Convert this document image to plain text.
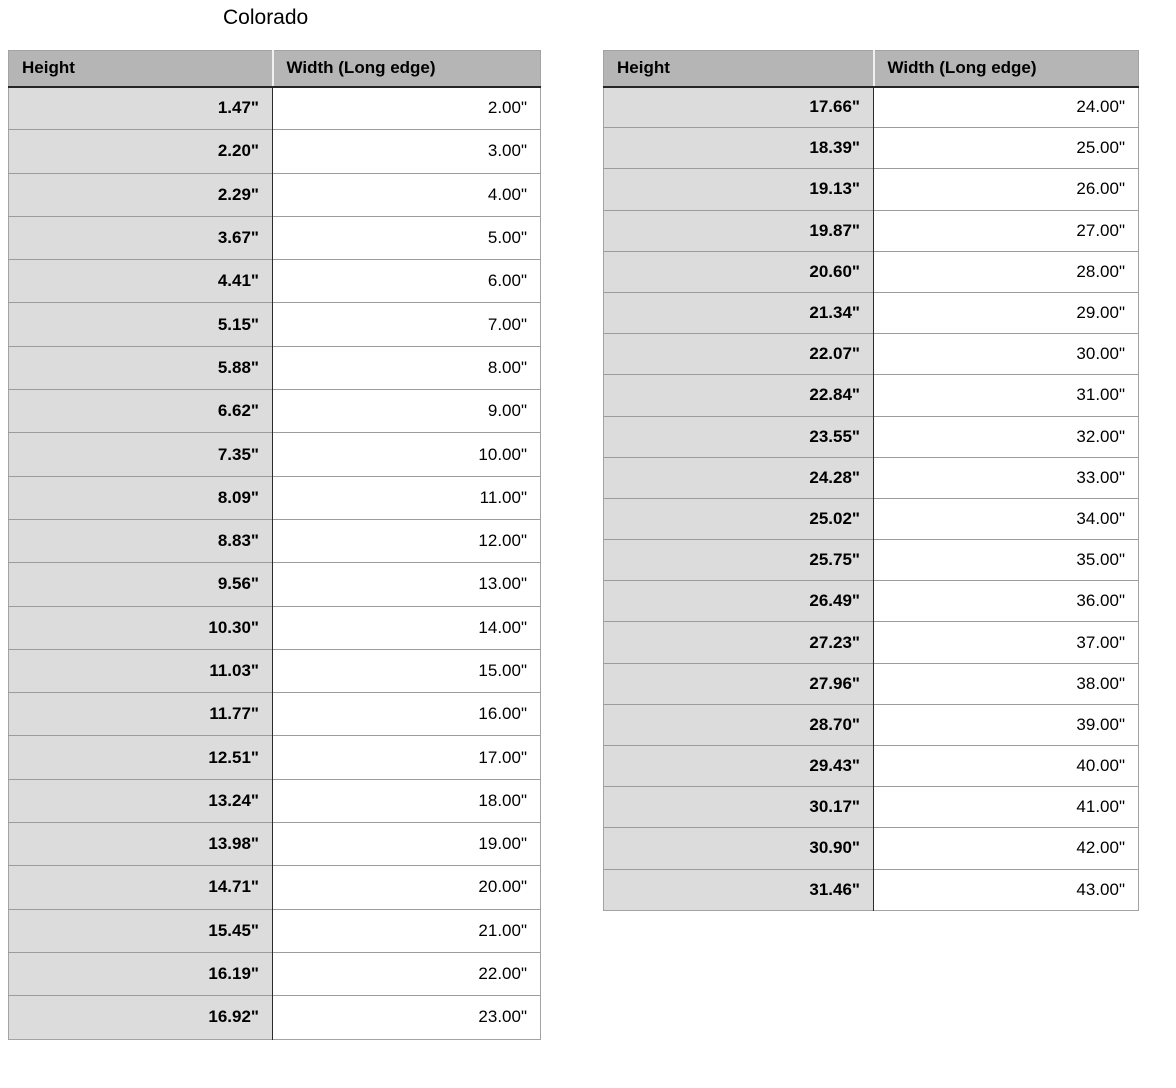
Colorado
Height	Width (Long edge)
1.47"	2.00"
2.20"	3.00"
2.29"	4.00"
3.67"	5.00"
4.41"	6.00"
5.15"	7.00"
5.88"	8.00"
6.62"	9.00"
7.35"	10.00"
8.09"	11.00"
8.83"	12.00"
9.56"	13.00"
10.30"	14.00"
11.03"	15.00"
11.77"	16.00"
12.51"	17.00"
13.24"	18.00"
13.98"	19.00"
14.71"	20.00"
15.45"	21.00"
16.19"	22.00"
16.92"	23.00"
Height	Width (Long edge)
17.66"	24.00"
18.39"	25.00"
19.13"	26.00"
19.87"	27.00"
20.60"	28.00"
21.34"	29.00"
22.07"	30.00"
22.84"	31.00"
23.55"	32.00"
24.28"	33.00"
25.02"	34.00"
25.75"	35.00"
26.49"	36.00"
27.23"	37.00"
27.96"	38.00"
28.70"	39.00"
29.43"	40.00"
30.17"	41.00"
30.90"	42.00"
31.46"	43.00"
